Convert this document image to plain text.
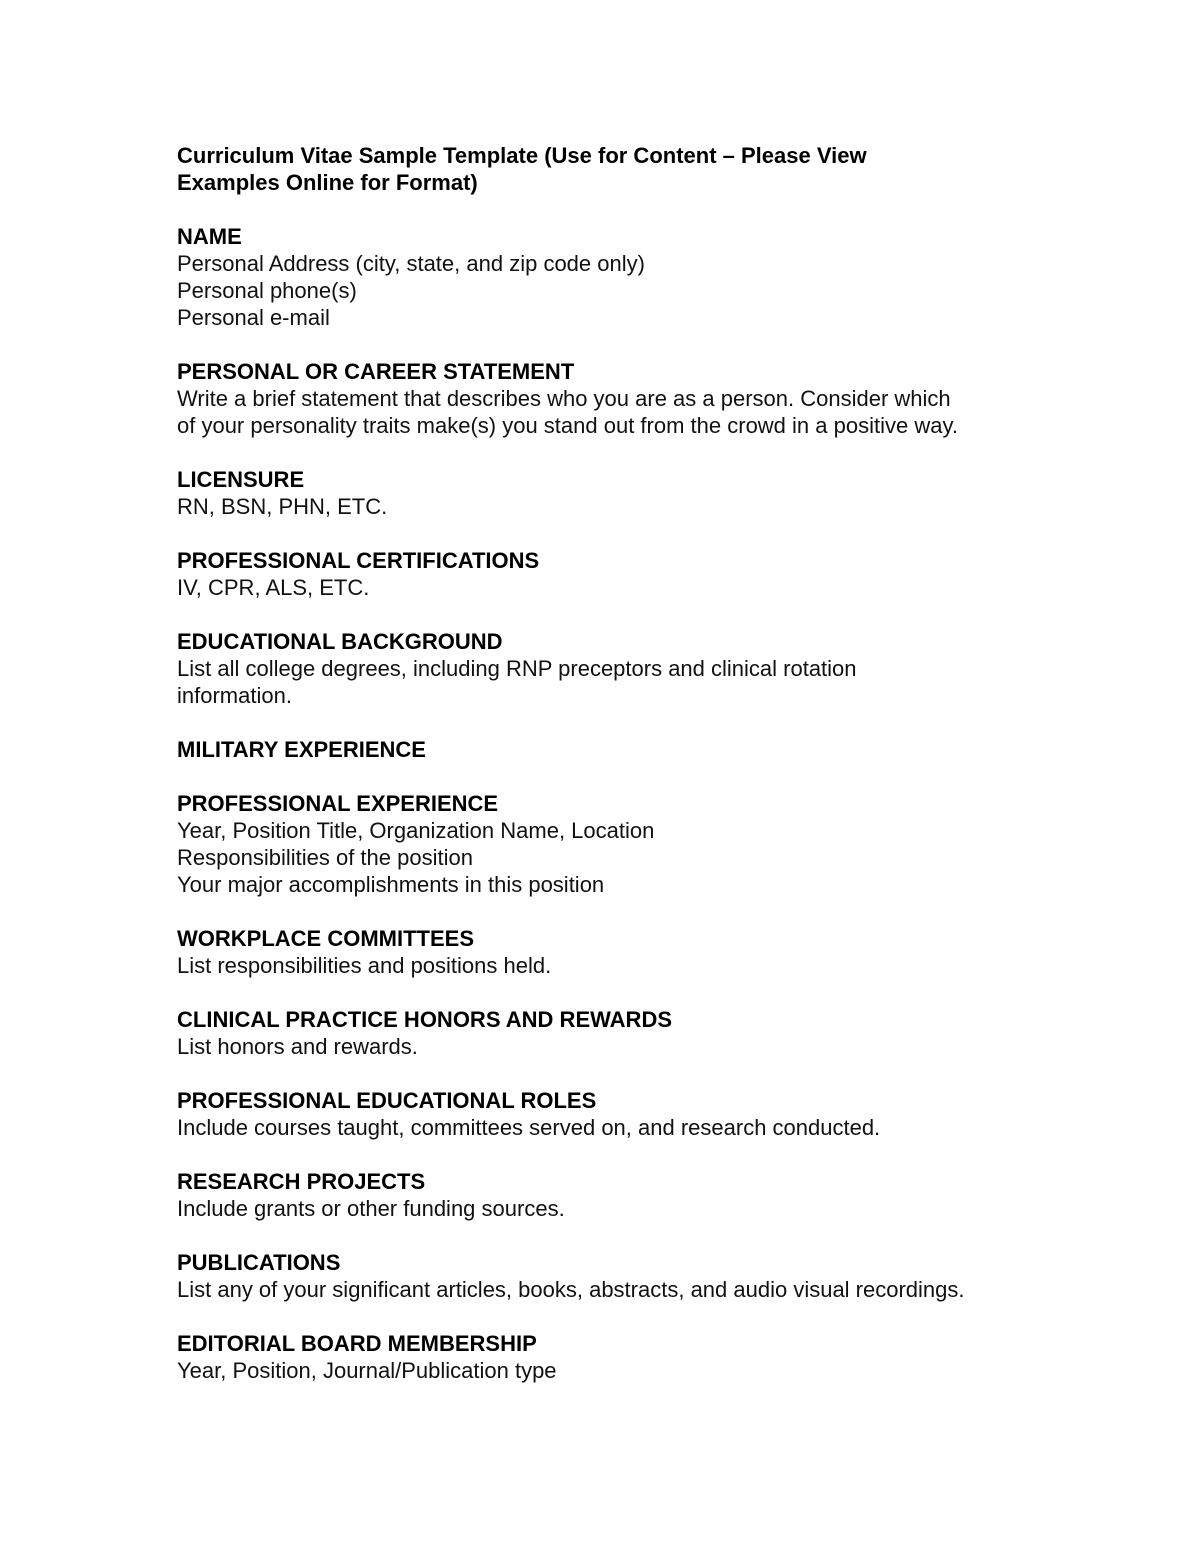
Curriculum Vitae Sample Template (Use for Content – Please View
Examples Online for Format)
NAME
Personal Address (city, state, and zip code only)
Personal phone(s)
Personal e-mail
PERSONAL OR CAREER STATEMENT
Write a brief statement that describes who you are as a person. Consider which
of your personality traits make(s) you stand out from the crowd in a positive way.
LICENSURE
RN, BSN, PHN, ETC.
PROFESSIONAL CERTIFICATIONS
IV, CPR, ALS, ETC.
EDUCATIONAL BACKGROUND
List all college degrees, including RNP preceptors and clinical rotation
information.
MILITARY EXPERIENCE
PROFESSIONAL EXPERIENCE
Year, Position Title, Organization Name, Location
Responsibilities of the position
Your major accomplishments in this position
WORKPLACE COMMITTEES
List responsibilities and positions held.
CLINICAL PRACTICE HONORS AND REWARDS
List honors and rewards.
PROFESSIONAL EDUCATIONAL ROLES
Include courses taught, committees served on, and research conducted.
RESEARCH PROJECTS
Include grants or other funding sources.
PUBLICATIONS
List any of your significant articles, books, abstracts, and audio visual recordings.
EDITORIAL BOARD MEMBERSHIP
Year, Position, Journal/Publication type
